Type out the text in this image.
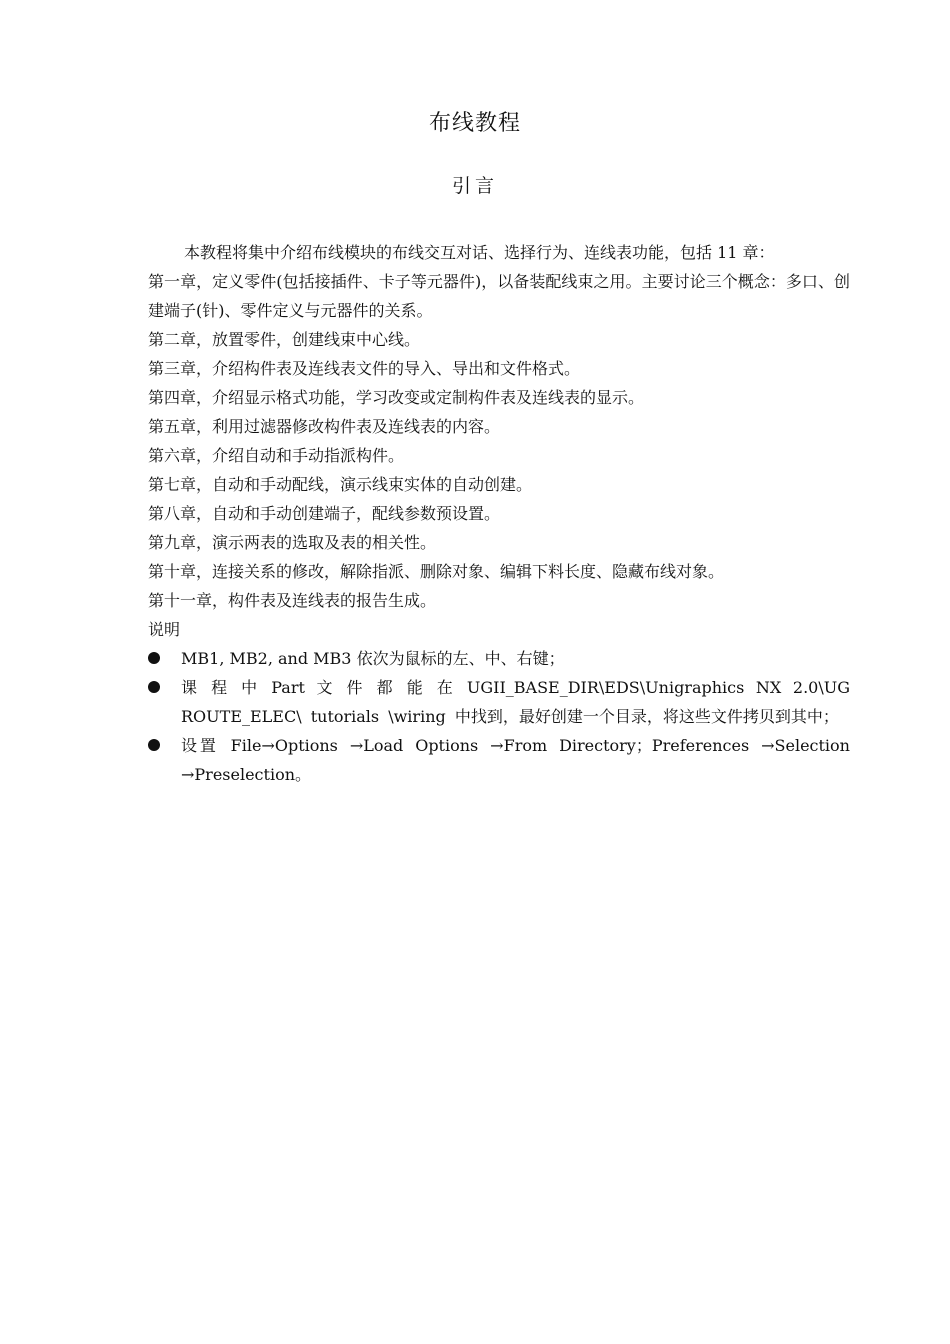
布线教程
引言

本教程将集中介绍布线模块的布线交互对话、选择行为、连线表功能，包括 11 章：

第一章，定义零件(包括接插件、卡子等元器件)，以备装配线束之用。主要讨论三个概念：多口、创建端子(针)、零件定义与元器件的关系。

第二章，放置零件，创建线束中心线。

第三章，介绍构件表及连线表文件的导入、导出和文件格式。

第四章，介绍显示格式功能，学习改变或定制构件表及连线表的显示。

第五章，利用过滤器修改构件表及连线表的内容。

第六章，介绍自动和手动指派构件。

第七章，自动和手动配线，演示线束实体的自动创建。

第八章，自动和手动创建端子，配线参数预设置。

第九章，演示两表的选取及表的相关性。

第十章，连接关系的修改，解除指派、删除对象、编辑下料长度、隐藏布线对象。

第十一章，构件表及连线表的报告生成。

说明

MB1, MB2, and MB3 依次为鼠标的左、中、右键；
课 程 中 Part 文 件 都 能 在 UGII_BASE_DIR\EDS\Unigraphics NX 2.0\UG ROUTE_ELEC\ tutorials \wiring 中找到，最好创建一个目录，将这些文件拷贝到其中；
设置 File→Options →Load Options →From Directory；Preferences →Selection →Preselection。
